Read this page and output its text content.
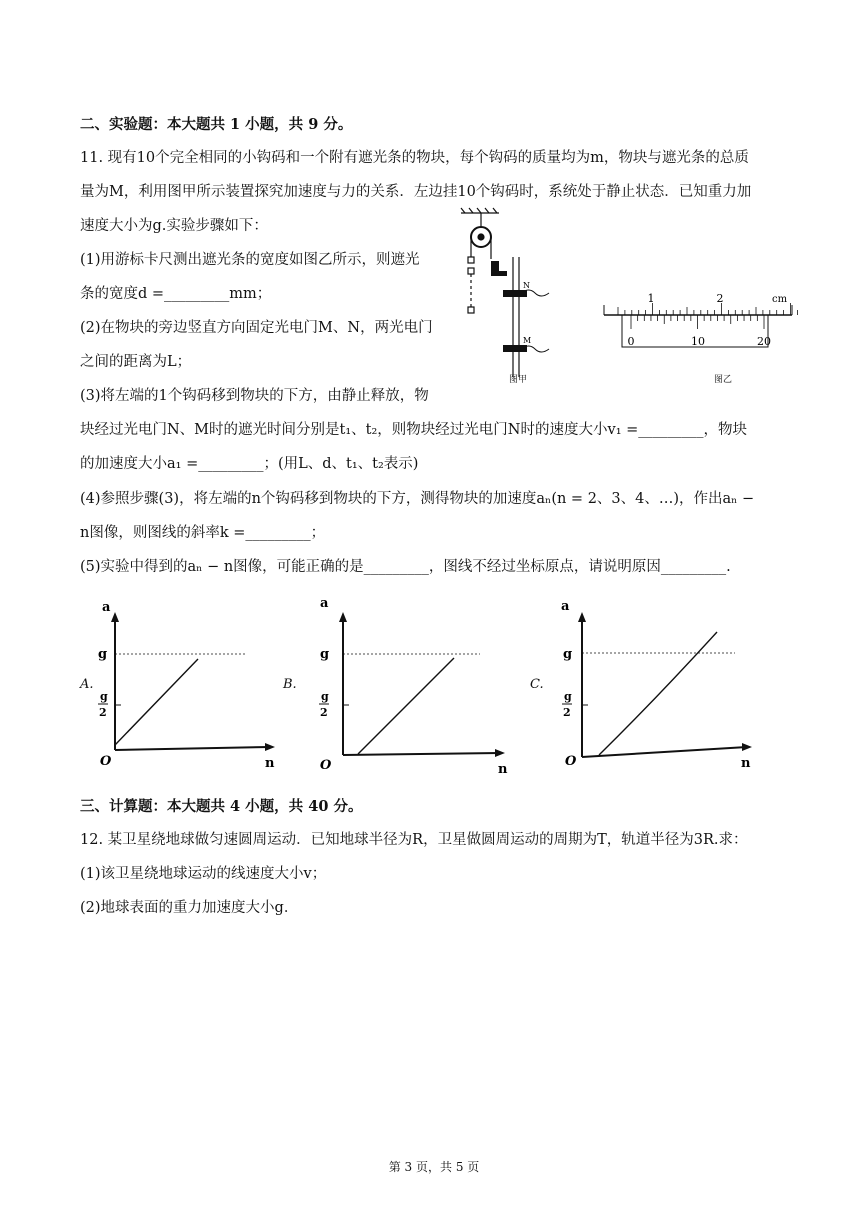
二、实验题：本大题共 1 小题，共 9 分。
11. 现有10个完全相同的小钩码和一个附有遮光条的物块，每个钩码的质量均为m，物块与遮光条的总质
量为M，利用图甲所示装置探究加速度与力的关系．左边挂10个钩码时，系统处于静止状态．已知重力加
速度大小为g.实验步骤如下：
(1)用游标卡尺测出遮光条的宽度如图乙所示，则遮光
条的宽度d =_________mm；
(2)在物块的旁边竖直方向固定光电门M、N，两光电门
之间的距离为L；
(3)将左端的1个钩码移到物块的下方，由静止释放，物
块经过光电门N、M时的遮光时间分别是t₁、t₂，则物块经过光电门N时的速度大小v₁ =_________，物块
的加速度大小a₁ =_________；(用L、d、t₁、t₂表示)
(4)参照步骤(3)，将左端的n个钩码移到物块的下方，测得物块的加速度aₙ(n = 2、3、4、…)，作出aₙ −
n图像，则图线的斜率k =_________；
(5)实验中得到的aₙ − n图像，可能正确的是_________，图线不经过坐标原点，请说明原因_________.
N
M
图甲
1	2	cm
0	10	20
图乙
A.
a
n
O
g
g
2
B.
a
n
O
g
g
2
C.
a
n
O
g
g
2
三、计算题：本大题共 4 小题，共 40 分。
12. 某卫星绕地球做匀速圆周运动．已知地球半径为R，卫星做圆周运动的周期为T，轨道半径为3R.求：
(1)该卫星绕地球运动的线速度大小v；
(2)地球表面的重力加速度大小g．
第 3 页，共 5 页
